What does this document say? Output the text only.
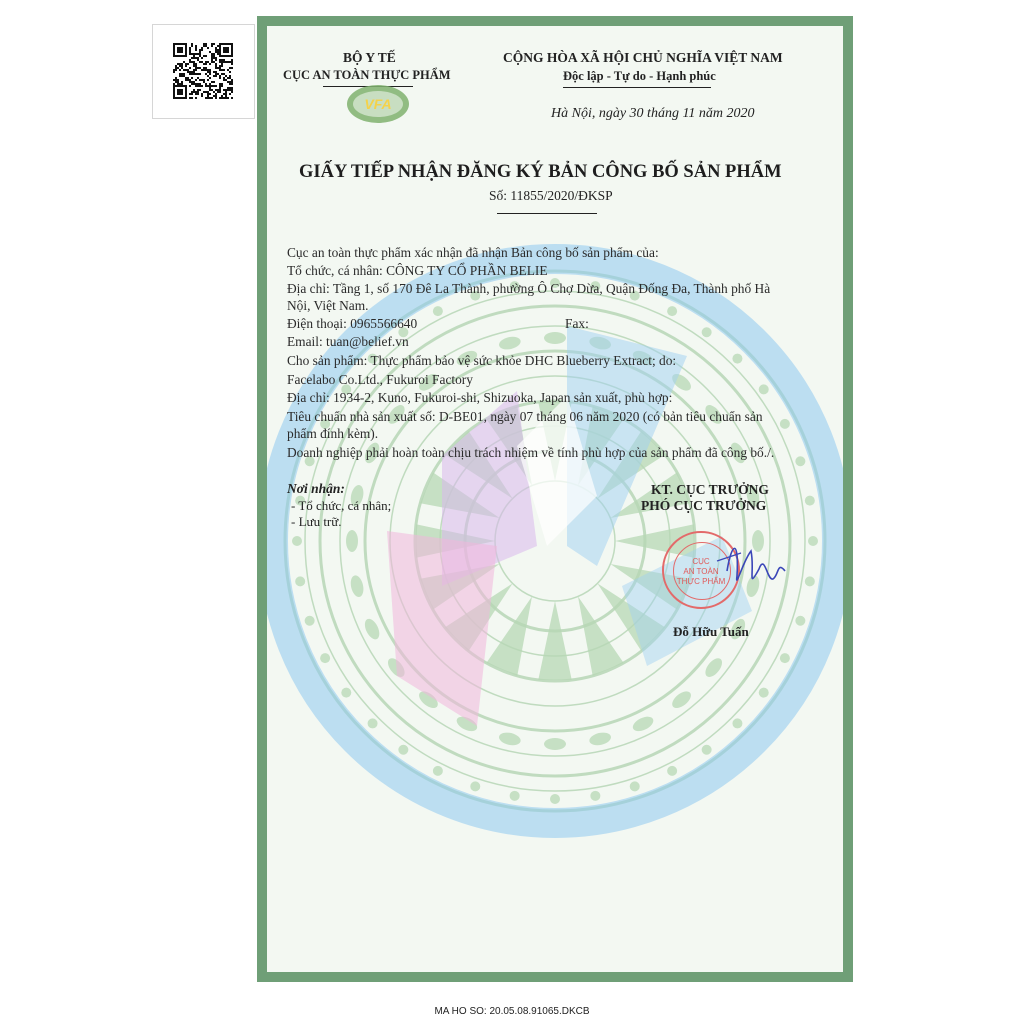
BỘ Y TẾ
CỤC AN TOÀN THỰC PHẨM
VFA
CỘNG HÒA XÃ HỘI CHỦ NGHĨA VIỆT NAM
Độc lập - Tự do - Hạnh phúc
Hà Nội, ngày 30 tháng 11 năm 2020
GIẤY TIẾP NHẬN ĐĂNG KÝ BẢN CÔNG BỐ SẢN PHẨM
Số: 11855/2020/ĐKSP
Cục an toàn thực phẩm xác nhận đã nhận Bản công bố sản phẩm của:
Tổ chức, cá nhân: CÔNG TY CỔ PHẦN BELIE
Địa chỉ: Tầng 1, số 170 Đê La Thành, phường Ô Chợ Dừa, Quận Đống Đa, Thành phố Hà
Nội, Việt Nam.
Điện thoại: 0965566640	Fax:
Email: tuan@belief.vn
Cho sản phẩm: Thực phẩm bảo vệ sức khỏe DHC Blueberry Extract; do:
Facelabo Co.Ltd., Fukuroi Factory
Địa chỉ: 1934-2, Kuno, Fukuroi-shi, Shizuoka, Japan sản xuất, phù hợp:
Tiêu chuẩn nhà sản xuất số: D-BE01, ngày 07 tháng 06 năm 2020 (có bản tiêu chuẩn sản
phẩm đính kèm).
Doanh nghiệp phải hoàn toàn chịu trách nhiệm về tính phù hợp của sản phẩm đã công bố./.
Nơi nhận:
- Tổ chức, cá nhân;
- Lưu trữ.
KT. CỤC TRƯỞNG
PHÓ CỤC TRƯỞNG
CỤC
AN TOÀN
THỰC PHẨM
Đỗ Hữu Tuấn
MA HO SO: 20.05.08.91065.DKCB
